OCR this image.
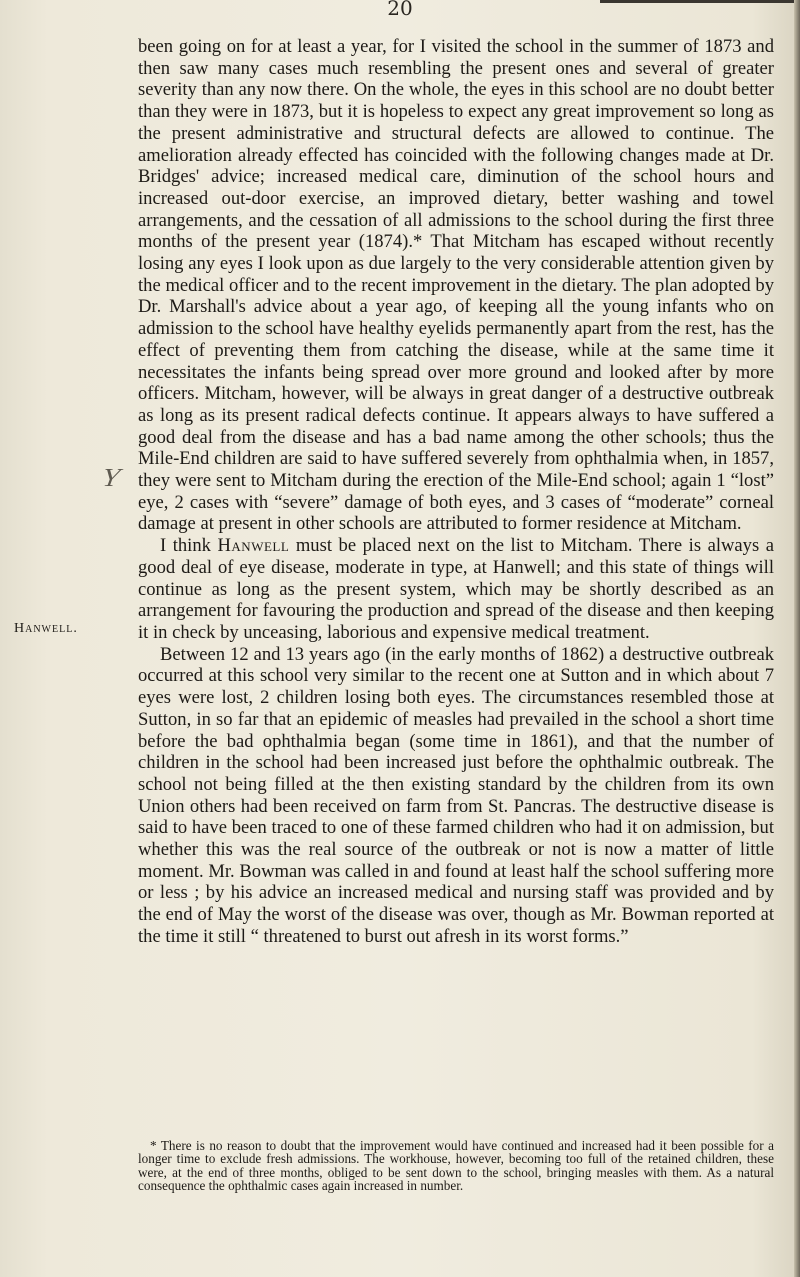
20
Y
Hanwell.

been going on for at least a year, for I visited the school in the summer of 1873 and then saw many cases much resembling the present ones and several of greater severity than any now there. On the whole, the eyes in this school are no doubt better than they were in 1873, but it is hopeless to expect any great improvement so long as the present administrative and structural defects are allowed to continue. The amelioration already effected has coincided with the following changes made at Dr. Bridges' advice; increased medical care, diminution of the school hours and increased out-door exercise, an improved dietary, better washing and towel arrangements, and the cessation of all admissions to the school during the first three months of the present year (1874).* That Mitcham has escaped without recently losing any eyes I look upon as due largely to the very considerable attention given by the medical officer and to the recent improvement in the dietary. The plan adopted by Dr. Marshall's advice about a year ago, of keeping all the young infants who on admission to the school have healthy eyelids permanently apart from the rest, has the effect of preventing them from catching the disease, while at the same time it necessitates the infants being spread over more ground and looked after by more officers. Mitcham, however, will be always in great danger of a destructive outbreak as long as its present radical defects continue. It appears always to have suffered a good deal from the disease and has a bad name among the other schools; thus the Mile-End children are said to have suffered severely from ophthalmia when, in 1857, they were sent to Mitcham during the erection of the Mile-End school; again 1 “lost” eye, 2 cases with “severe” damage of both eyes, and 3 cases of “moderate” corneal damage at present in other schools are attributed to former residence at Mitcham.

I think Hanwell must be placed next on the list to Mitcham. There is always a good deal of eye disease, moderate in type, at Hanwell; and this state of things will continue as long as the present system, which may be shortly described as an arrangement for favouring the production and spread of the disease and then keeping it in check by unceasing, laborious and expensive medical treatment.

Between 12 and 13 years ago (in the early months of 1862) a destructive outbreak occurred at this school very similar to the recent one at Sutton and in which about 7 eyes were lost, 2 children losing both eyes. The circumstances resembled those at Sutton, in so far that an epidemic of measles had prevailed in the school a short time before the bad ophthalmia began (some time in 1861), and that the number of children in the school had been increased just before the ophthalmic outbreak. The school not being filled at the then existing standard by the children from its own Union others had been received on farm from St. Pancras. The destructive disease is said to have been traced to one of these farmed children who had it on admission, but whether this was the real source of the outbreak or not is now a matter of little moment. Mr. Bowman was called in and found at least half the school suffering more or less ; by his advice an increased medical and nursing staff was provided and by the end of May the worst of the disease was over, though as Mr. Bowman reported at the time it still “ threatened to burst out afresh in its worst forms.”

* There is no reason to doubt that the improvement would have continued and increased had it been possible for a longer time to exclude fresh admissions. The workhouse, however, becoming too full of the retained children, these were, at the end of three months, obliged to be sent down to the school, bringing measles with them. As a natural consequence the ophthalmic cases again increased in number.
